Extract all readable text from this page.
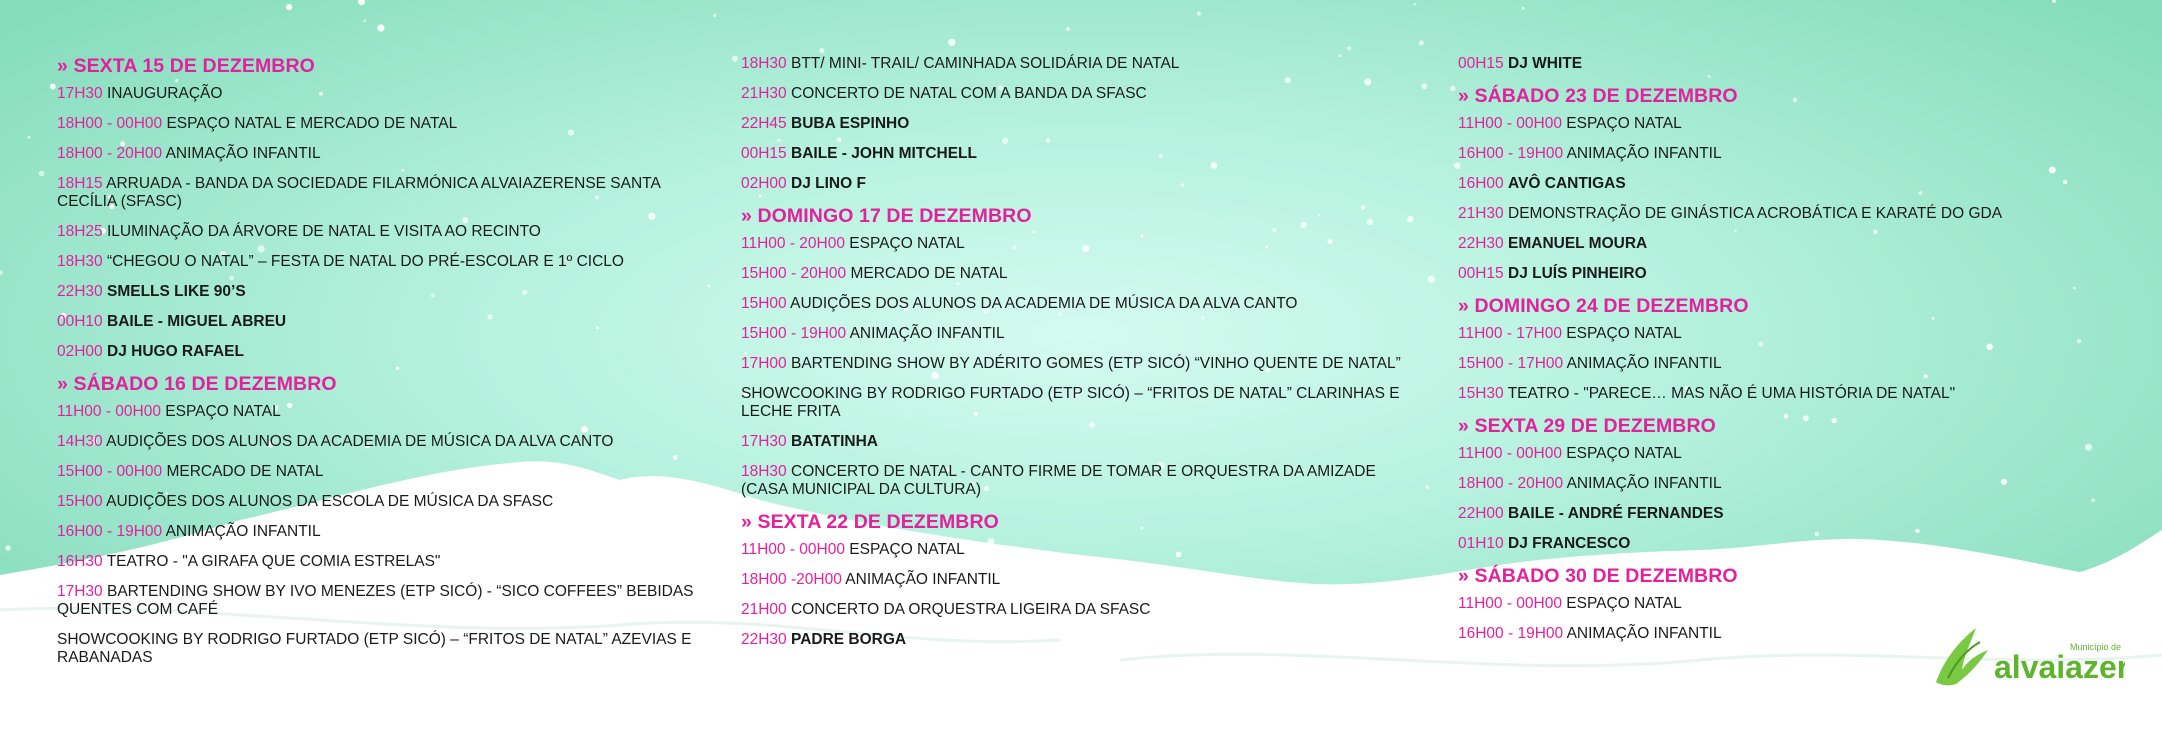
» SEXTA 15 DE DEZEMBRO
17H30 INAUGURAÇÃO
18H00 - 00H00 ESPAÇO NATAL E MERCADO DE NATAL
18H00 - 20H00 ANIMAÇÃO INFANTIL
18H15 ARRUADA - BANDA DA SOCIEDADE FILARMÓNICA ALVAIAZERENSE SANTA CECÍLIA (SFASC)
18H25 ILUMINAÇÃO DA ÁRVORE DE NATAL E VISITA AO RECINTO
18H30 “CHEGOU O NATAL” – FESTA DE NATAL DO PRÉ-ESCOLAR E 1º CICLO
22H30 SMELLS LIKE 90’S
00H10 BAILE - MIGUEL ABREU
02H00 DJ HUGO RAFAEL
» SÁBADO 16 DE DEZEMBRO
11H00 - 00H00 ESPAÇO NATAL
14H30 AUDIÇÕES DOS ALUNOS DA ACADEMIA DE MÚSICA DA ALVA CANTO
15H00 - 00H00 MERCADO DE NATAL
15H00 AUDIÇÕES DOS ALUNOS DA ESCOLA DE MÚSICA DA SFASC
16H00 - 19H00 ANIMAÇÃO INFANTIL
16H30 TEATRO - "A GIRAFA QUE COMIA ESTRELAS"
17H30 BARTENDING SHOW BY IVO MENEZES (ETP SICÓ) - “SICO COFFEES” BEBIDAS QUENTES COM CAFÉ
SHOWCOOKING BY RODRIGO FURTADO (ETP SICÓ) – “FRITOS DE NATAL” AZEVIAS E RABANADAS
18H30 BTT/ MINI- TRAIL/ CAMINHADA SOLIDÁRIA DE NATAL
21H30 CONCERTO DE NATAL COM A BANDA DA SFASC
22H45 BUBA ESPINHO
00H15 BAILE - JOHN MITCHELL
02H00 DJ LINO F
» DOMINGO 17 DE DEZEMBRO
11H00 - 20H00 ESPAÇO NATAL
15H00 - 20H00 MERCADO DE NATAL
15H00 AUDIÇÕES DOS ALUNOS DA ACADEMIA DE MÚSICA DA ALVA CANTO
15H00 - 19H00 ANIMAÇÃO INFANTIL
17H00 BARTENDING SHOW BY ADÉRITO GOMES (ETP SICÓ) “VINHO QUENTE DE NATAL”
SHOWCOOKING BY RODRIGO FURTADO (ETP SICÓ) – “FRITOS DE NATAL” CLARINHAS E LECHE FRITA
17H30 BATATINHA
18H30 CONCERTO DE NATAL - CANTO FIRME DE TOMAR E ORQUESTRA DA AMIZADE (CASA MUNICIPAL DA CULTURA)
» SEXTA 22 DE DEZEMBRO
11H00 - 00H00 ESPAÇO NATAL
18H00 -20H00 ANIMAÇÃO INFANTIL
21H00 CONCERTO DA ORQUESTRA LIGEIRA DA SFASC
22H30 PADRE BORGA
00H15 DJ WHITE
» SÁBADO 23 DE DEZEMBRO
11H00 - 00H00 ESPAÇO NATAL
16H00 - 19H00 ANIMAÇÃO INFANTIL
16H00 AVÔ CANTIGAS
21H30 DEMONSTRAÇÃO DE GINÁSTICA ACROBÁTICA E KARATÉ DO GDA
22H30 EMANUEL MOURA
00H15 DJ LUÍS PINHEIRO
» DOMINGO 24 DE DEZEMBRO
11H00 - 17H00 ESPAÇO NATAL
15H00 - 17H00 ANIMAÇÃO INFANTIL
15H30 TEATRO - "PARECE… MAS NÃO É UMA HISTÓRIA DE NATAL"
» SEXTA 29 DE DEZEMBRO
11H00 - 00H00 ESPAÇO NATAL
18H00 - 20H00 ANIMAÇÃO INFANTIL
22H00 BAILE - ANDRÉ FERNANDES
01H10 DJ FRANCESCO
» SÁBADO 30 DE DEZEMBRO
11H00 - 00H00 ESPAÇO NATAL
16H00 - 19H00 ANIMAÇÃO INFANTIL
alvaiazer
Município de
